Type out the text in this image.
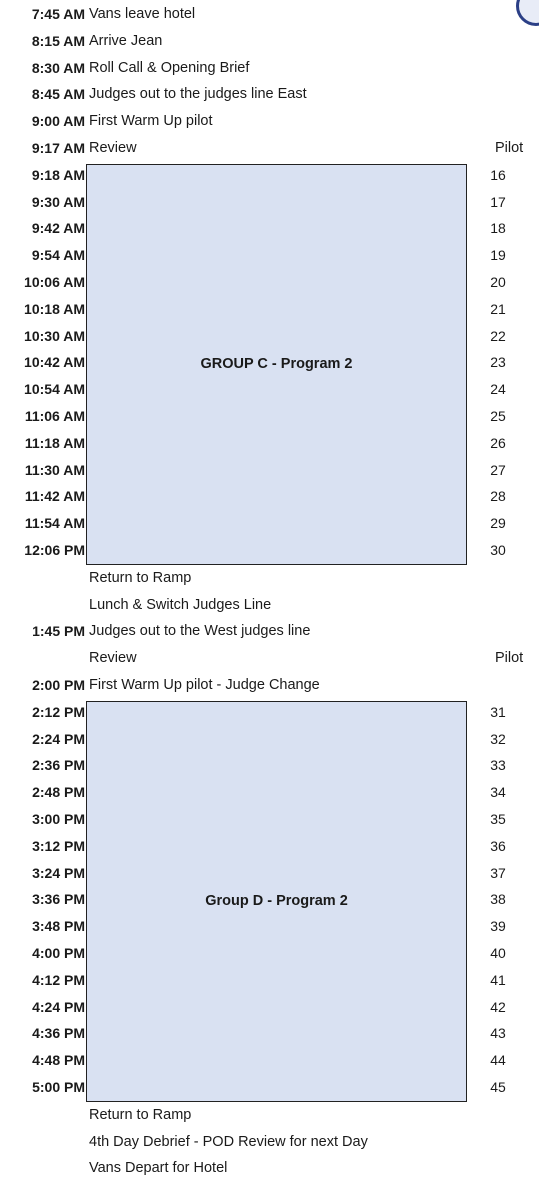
7:45 AM Vans leave hotel
8:15 AM Arrive Jean
8:30 AM Roll Call & Opening Brief
8:45 AM Judges out to the judges line East
9:00 AM First Warm Up pilot
9:17 AM Review	Pilot
GROUP C - Program 2
9:18 AM	16
9:30 AM	17
9:42 AM	18
9:54 AM	19
10:06 AM	20
10:18 AM	21
10:30 AM	22
10:42 AM	23
10:54 AM	24
11:06 AM	25
11:18 AM	26
11:30 AM	27
11:42 AM	28
11:54 AM	29
12:06 PM	30
Return to Ramp
Lunch & Switch Judges Line
1:45 PM Judges out to the West judges line
Review	Pilot
2:00 PM First Warm Up pilot - Judge Change
Group D - Program 2
2:12 PM	31
2:24 PM	32
2:36 PM	33
2:48 PM	34
3:00 PM	35
3:12 PM	36
3:24 PM	37
3:36 PM	38
3:48 PM	39
4:00 PM	40
4:12 PM	41
4:24 PM	42
4:36 PM	43
4:48 PM	44
5:00 PM	45
Return to Ramp
4th Day Debrief - POD Review for next Day
Vans Depart for Hotel
